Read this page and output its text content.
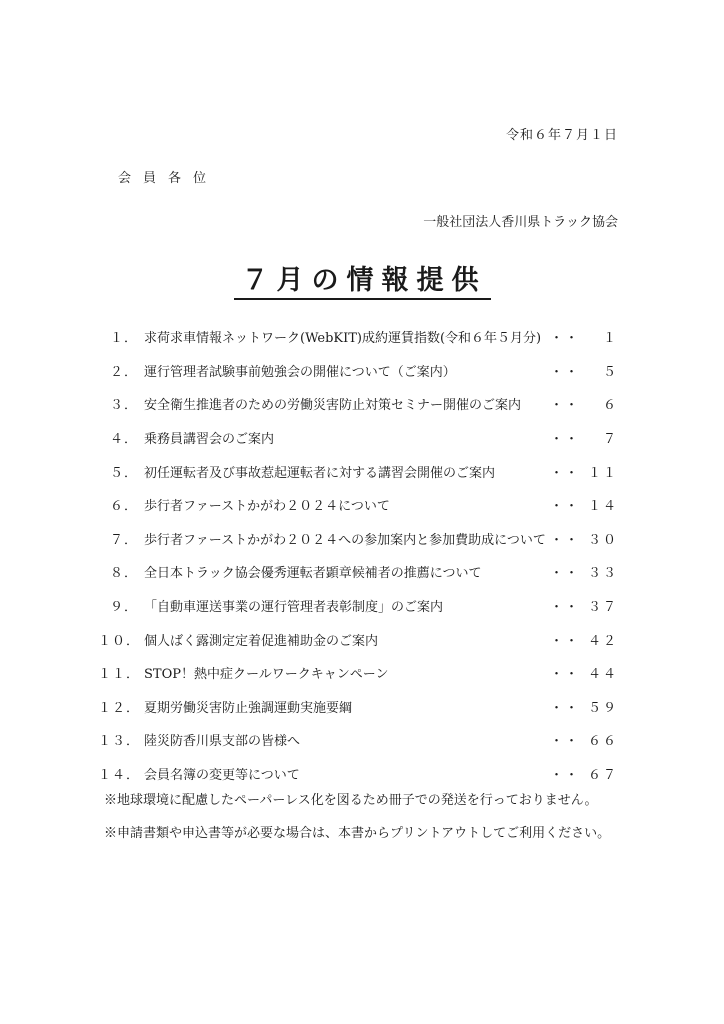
令和６年７月１日
会員各位
一般社団法人香川県トラック協会
７月の情報提供
１． 求荷求車情報ネットワーク(WebKIT)成約運賃指数(令和６年５月分) ・・	１
２． 運行管理者試験事前勉強会の開催について（ご案内）	・・	５
３． 安全衛生推進者のための労働災害防止対策セミナー開催のご案内	・・	６
４． 乗務員講習会のご案内	・・	７
５． 初任運転者及び事故惹起運転者に対する講習会開催のご案内	・・ １１
６． 歩行者ファーストかがわ２０２４について	・・ １４
７． 歩行者ファーストかがわ２０２４への参加案内と参加費助成について ・・ ３０
８． 全日本トラック協会優秀運転者顕章候補者の推薦について	・・ ３３
９． 「自動車運送事業の運行管理者表彰制度」のご案内	・・ ３７
１０． 個人ばく露測定定着促進補助金のご案内	・・ ４２
１１． STOP！熱中症クールワークキャンペーン	・・ ４４
１２． 夏期労働災害防止強調運動実施要綱	・・ ５９
１３． 陸災防香川県支部の皆様へ	・・ ６６
１４． 会員名簿の変更等について	・・ ６７
※地球環境に配慮したペーパーレス化を図るため冊子での発送を行っておりません。
※申請書類や申込書等が必要な場合は、本書からプリントアウトしてご利用ください。
